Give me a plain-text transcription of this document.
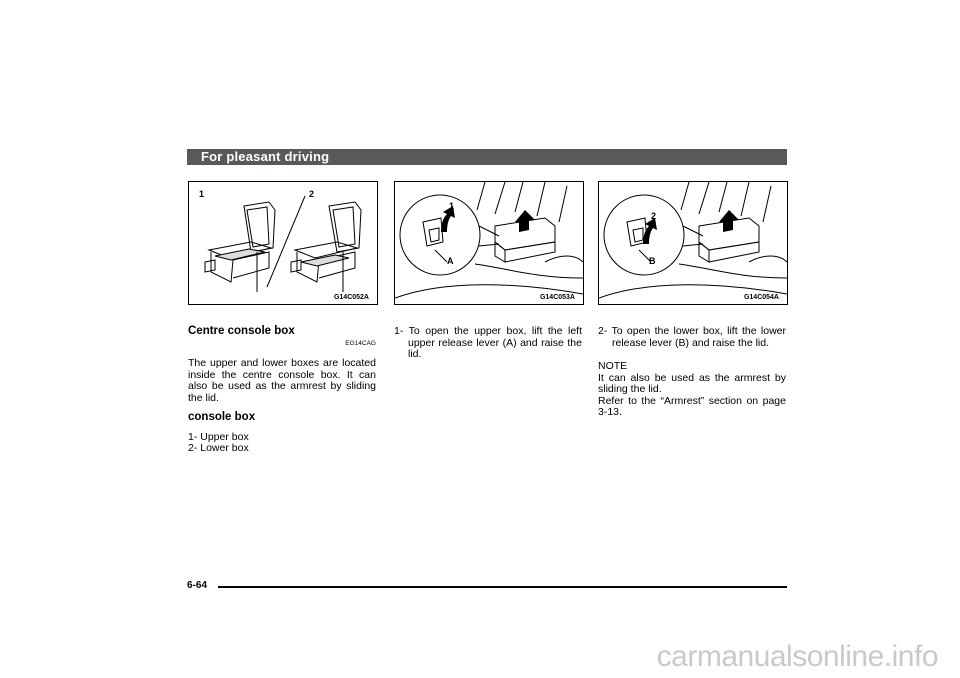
For pleasant driving
1	2
G14C052A
1
A
G14C053A
2
B
G14C054A
Centre console box
EG14CAG

The upper and lower boxes are located inside the centre console box. It can also be used as the armrest by sliding the lid.

console box

1- Upper box

2- Lower box

1- To open the upper box, lift the left upper release lever (A) and raise the lid.

2- To open the lower box, lift the lower release lever (B) and raise the lid.

NOTE

It can also be used as the armrest by sliding the lid.

Refer to the “Armrest” section on page 3-13.

6-64
carmanualsonline.info
